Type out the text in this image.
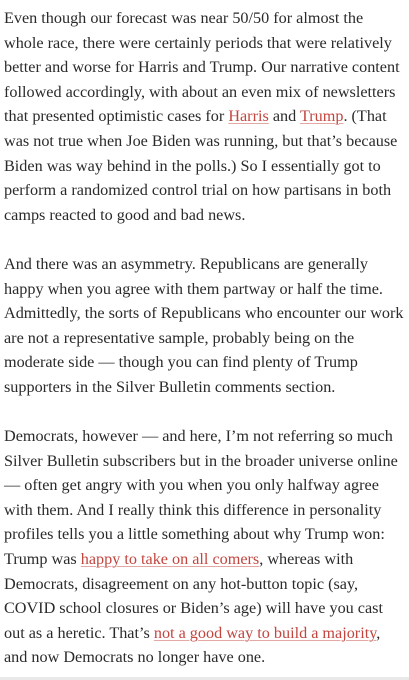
Even though our forecast was near 50/50 for almost the whole race, there were certainly periods that were relatively better and worse for Harris and Trump. Our narrative content followed accordingly, with about an even mix of newsletters that presented optimistic cases for Harris and Trump. (That was not true when Joe Biden was running, but that’s because Biden was way behind in the polls.) So I essentially got to perform a randomized control trial on how partisans in both camps reacted to good and bad news.

And there was an asymmetry. Republicans are generally happy when you agree with them partway or half the time. Admittedly, the sorts of Republicans who encounter our work are not a representative sample, probably being on the moderate side — though you can find plenty of Trump supporters in the Silver Bulletin comments section.

Democrats, however — and here, I’m not referring so much Silver Bulletin subscribers but in the broader universe online — often get angry with you when you only halfway agree with them. And I really think this difference in personality profiles tells you a little something about why Trump won: Trump was happy to take on all comers, whereas with Democrats, disagreement on any hot-button topic (say, COVID school closures or Biden’s age) will have you cast out as a heretic. That’s not a good way to build a majority, and now Democrats no longer have one.
